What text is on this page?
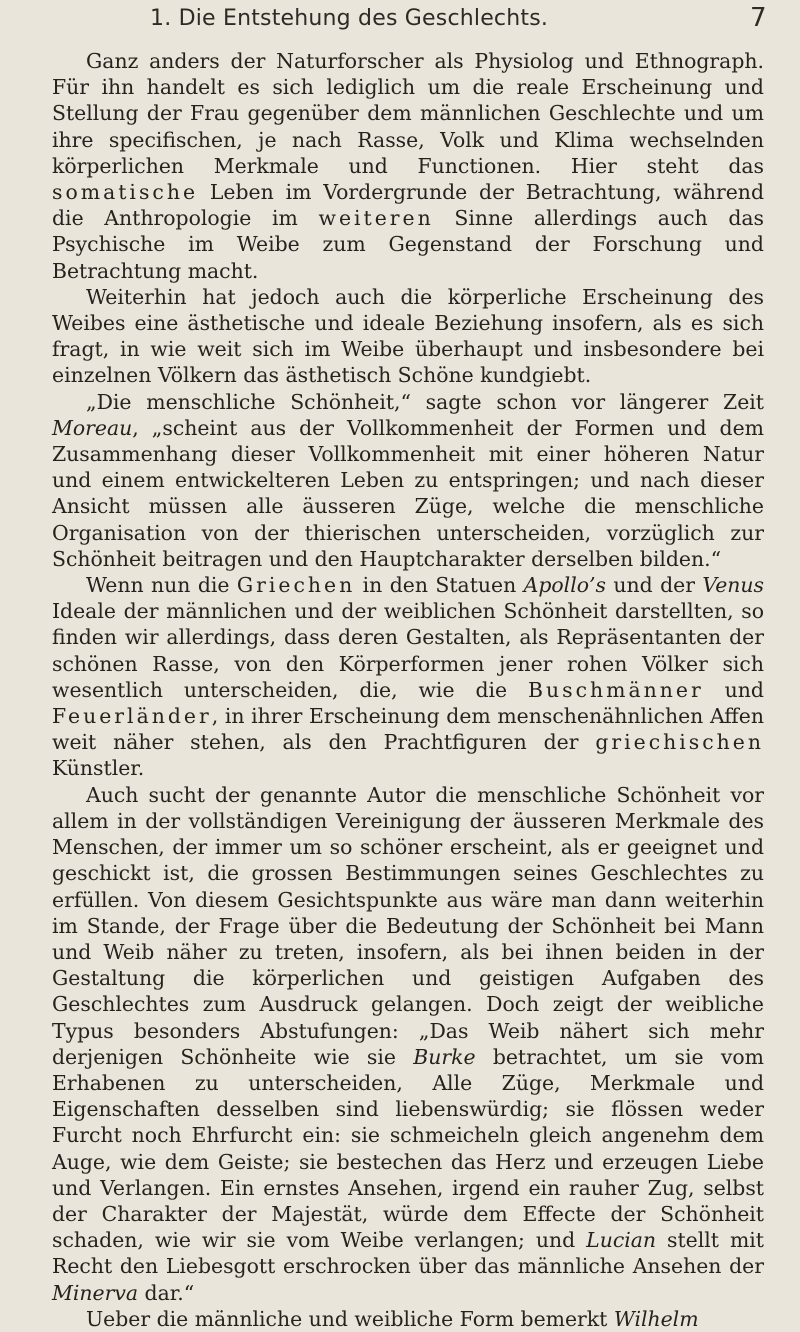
1. Die Entstehung des Geschlechts.	7

Ganz anders der Naturforscher als Physiolog und Ethnograph. Für ihn handelt es sich lediglich um die reale Erscheinung und Stellung der Frau gegenüber dem männlichen Geschlechte und um ihre specifischen, je nach Rasse, Volk und Klima wechselnden körperlichen Merkmale und Functionen. Hier steht das somatische Leben im Vordergrunde der Betrachtung, während die Anthropologie im weiteren Sinne allerdings auch das Psychische im Weibe zum Gegenstand der Forschung und Betrachtung macht.

Weiterhin hat jedoch auch die körperliche Erscheinung des Weibes eine ästhetische und ideale Beziehung insofern, als es sich fragt, in wie weit sich im Weibe überhaupt und insbesondere bei einzelnen Völkern das ästhetisch Schöne kundgiebt.

„Die menschliche Schönheit,“ sagte schon vor längerer Zeit Moreau, „scheint aus der Vollkommenheit der Formen und dem Zusammenhang dieser Vollkommenheit mit einer höheren Natur und einem entwickelteren Leben zu entspringen; und nach dieser Ansicht müssen alle äusseren Züge, welche die menschliche Organisation von der thierischen unterscheiden, vorzüglich zur Schönheit beitragen und den Hauptcharakter derselben bilden.“

Wenn nun die Griechen in den Statuen Apollo’s und der Venus Ideale der männlichen und der weiblichen Schönheit darstellten, so finden wir allerdings, dass deren Gestalten, als Repräsentanten der schönen Rasse, von den Körperformen jener rohen Völker sich wesentlich unterscheiden, die, wie die Buschmänner und Feuerländer, in ihrer Erscheinung dem menschenähnlichen Affen weit näher stehen, als den Prachtfiguren der griechischen Künstler.

Auch sucht der genannte Autor die menschliche Schönheit vor allem in der vollständigen Vereinigung der äusseren Merkmale des Menschen, der immer um so schöner erscheint, als er geeignet und geschickt ist, die grossen Bestimmungen seines Geschlechtes zu erfüllen. Von diesem Gesichtspunkte aus wäre man dann weiterhin im Stande, der Frage über die Bedeutung der Schönheit bei Mann und Weib näher zu treten, insofern, als bei ihnen beiden in der Gestaltung die körperlichen und geistigen Aufgaben des Geschlechtes zum Ausdruck gelangen. Doch zeigt der weibliche Typus besonders Abstufungen: „Das Weib nähert sich mehr derjenigen Schönheite wie sie Burke betrachtet, um sie vom Erhabenen zu unterscheiden, Alle Züge, Merkmale und Eigenschaften desselben sind liebenswürdig; sie flössen weder Furcht noch Ehrfurcht ein: sie schmeicheln gleich angenehm dem Auge, wie dem Geiste; sie bestechen das Herz und erzeugen Liebe und Verlangen. Ein ernstes Ansehen, irgend ein rauher Zug, selbst der Charakter der Majestät, würde dem Effecte der Schönheit schaden, wie wir sie vom Weibe verlangen; und Lucian stellt mit Recht den Liebesgott erschrocken über das männliche Ansehen der Minerva dar.“

Ueber die männliche und weibliche Form bemerkt Wilhelm
